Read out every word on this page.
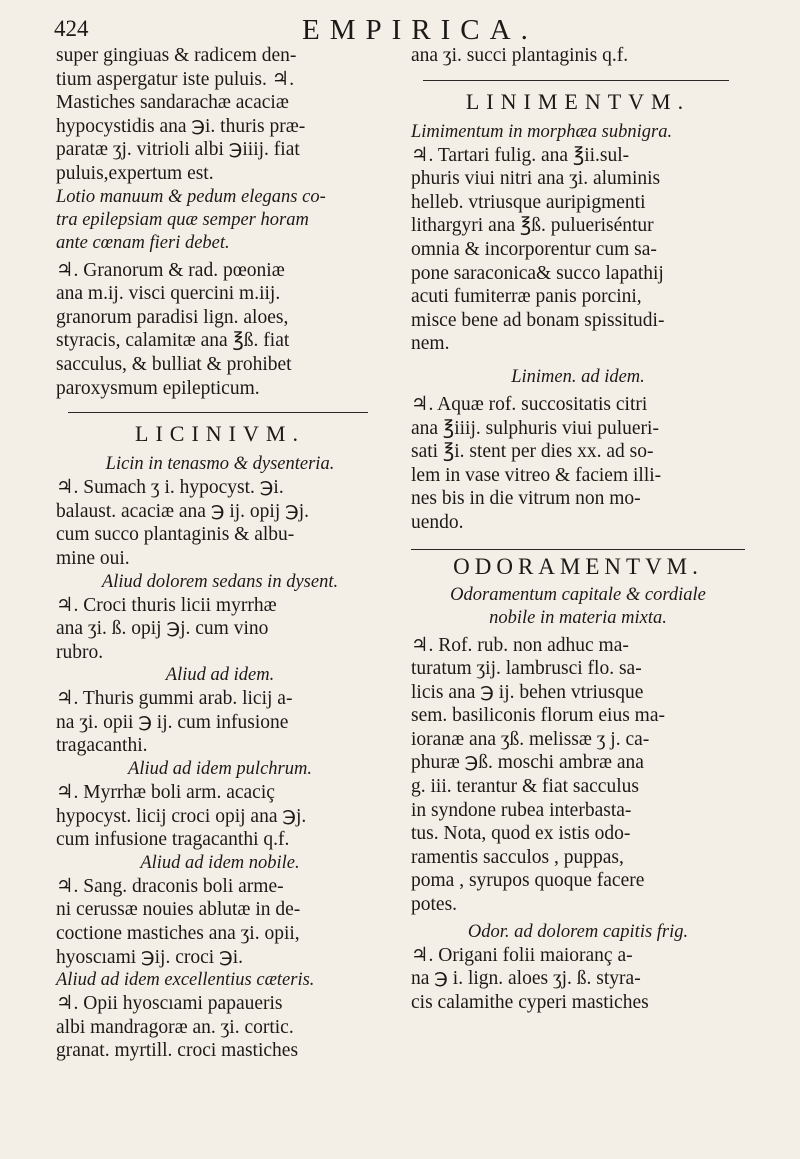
424	EMPIRICA.

super gingiuas & radicem den-
tium aspergatur iste puluis. ♃.
Mastiches sandarachæ acaciæ
hypocystidis ana ℈i. thuris præ-
paratæ ʒj. vitrioli albi ℈iiij. fiat
puluis,expertum est.

Lotio manuum & pedum elegans co-
tra epilepsiam quæ semper horam
ante cœnam fieri debet.

♃. Granorum & rad. pœoniæ
ana m.ij. visci quercini m.iij.
granorum paradisi lign. aloes,
styracis, calamitæ ana ℥ß. fiat
sacculus, & bulliat & prohibet
paroxysmum epilepticum.

LICINIVM.

Licin in tenasmo & dysenteria.

♃. Sumach ʒ i. hypocyst. ℈i.
balaust. acaciæ ana ℈ ij. opij ℈j.
cum succo plantaginis & albu-
mine oui.

Aliud dolorem sedans in dysent.

♃. Croci thuris licii myrrhæ
ana ʒi. ß. opij ℈j. cum vino
rubro.

Aliud ad idem.

♃. Thuris gummi arab. licij a-
na ʒi. opii ℈ ij. cum infusione
tragacanthi.

Aliud ad idem pulchrum.

♃. Myrrhæ boli arm. acaciç
hypocyst. licij croci opij ana ℈j.
cum infusione tragacanthi q.f.

Aliud ad idem nobile.

♃. Sang. draconis boli arme-
ni cerussæ nouies ablutæ in de-
coctione mastiches ana ʒi. opii,
hyoscıami ℈ij. croci ℈i.

Aliud ad idem excellentius cæteris.

♃. Opii hyoscıami papaueris
albi mandragoræ an. ʒi. cortic.
granat. myrtill. croci mastiches

ana ʒi. succi plantaginis q.f.

LINIMENTVM.

Limimentum in morphæa subnigra.

♃. Tartari fulig. ana ℥ii.sul-
phuris viui nitri ana ʒi. aluminis
helleb. vtriusque auripigmenti
lithargyri ana ℥ß. pulueriséntur
omnia & incorporentur cum sa-
pone saraconica& succo lapathij
acuti fumiterræ panis porcini,
misce bene ad bonam spissitudi-
nem.

Linimen. ad idem.

♃. Aquæ rof. succositatis citri
ana ℥iiij. sulphuris viui pulueri-
sati ℥i. stent per dies xx. ad so-
lem in vase vitreo & faciem illi-
nes bis in die vitrum non mo-
uendo.

ODORAMENTVM.

Odoramentum capitale & cordiale
nobile in materia mixta.

♃. Rof. rub. non adhuc ma-
turatum ʒij. lambrusci flo. sa-
licis ana ℈ ij. behen vtriusque
sem. basiliconis florum eius ma-
ioranæ ana ʒß. melissæ ʒ j. ca-
phuræ ℈ß. moschi ambræ ana
g. iii. terantur & fiat sacculus
in syndone rubea interbasta-
tus. Nota, quod ex istis odo-
ramentis sacculos , puppas,
poma , syrupos quoque facere
potes.

Odor. ad dolorem capitis frig.

♃. Origani folii maioranç a-
na ℈ i. lign. aloes ʒj. ß. styra-
cis calamithe cyperi mastiches
